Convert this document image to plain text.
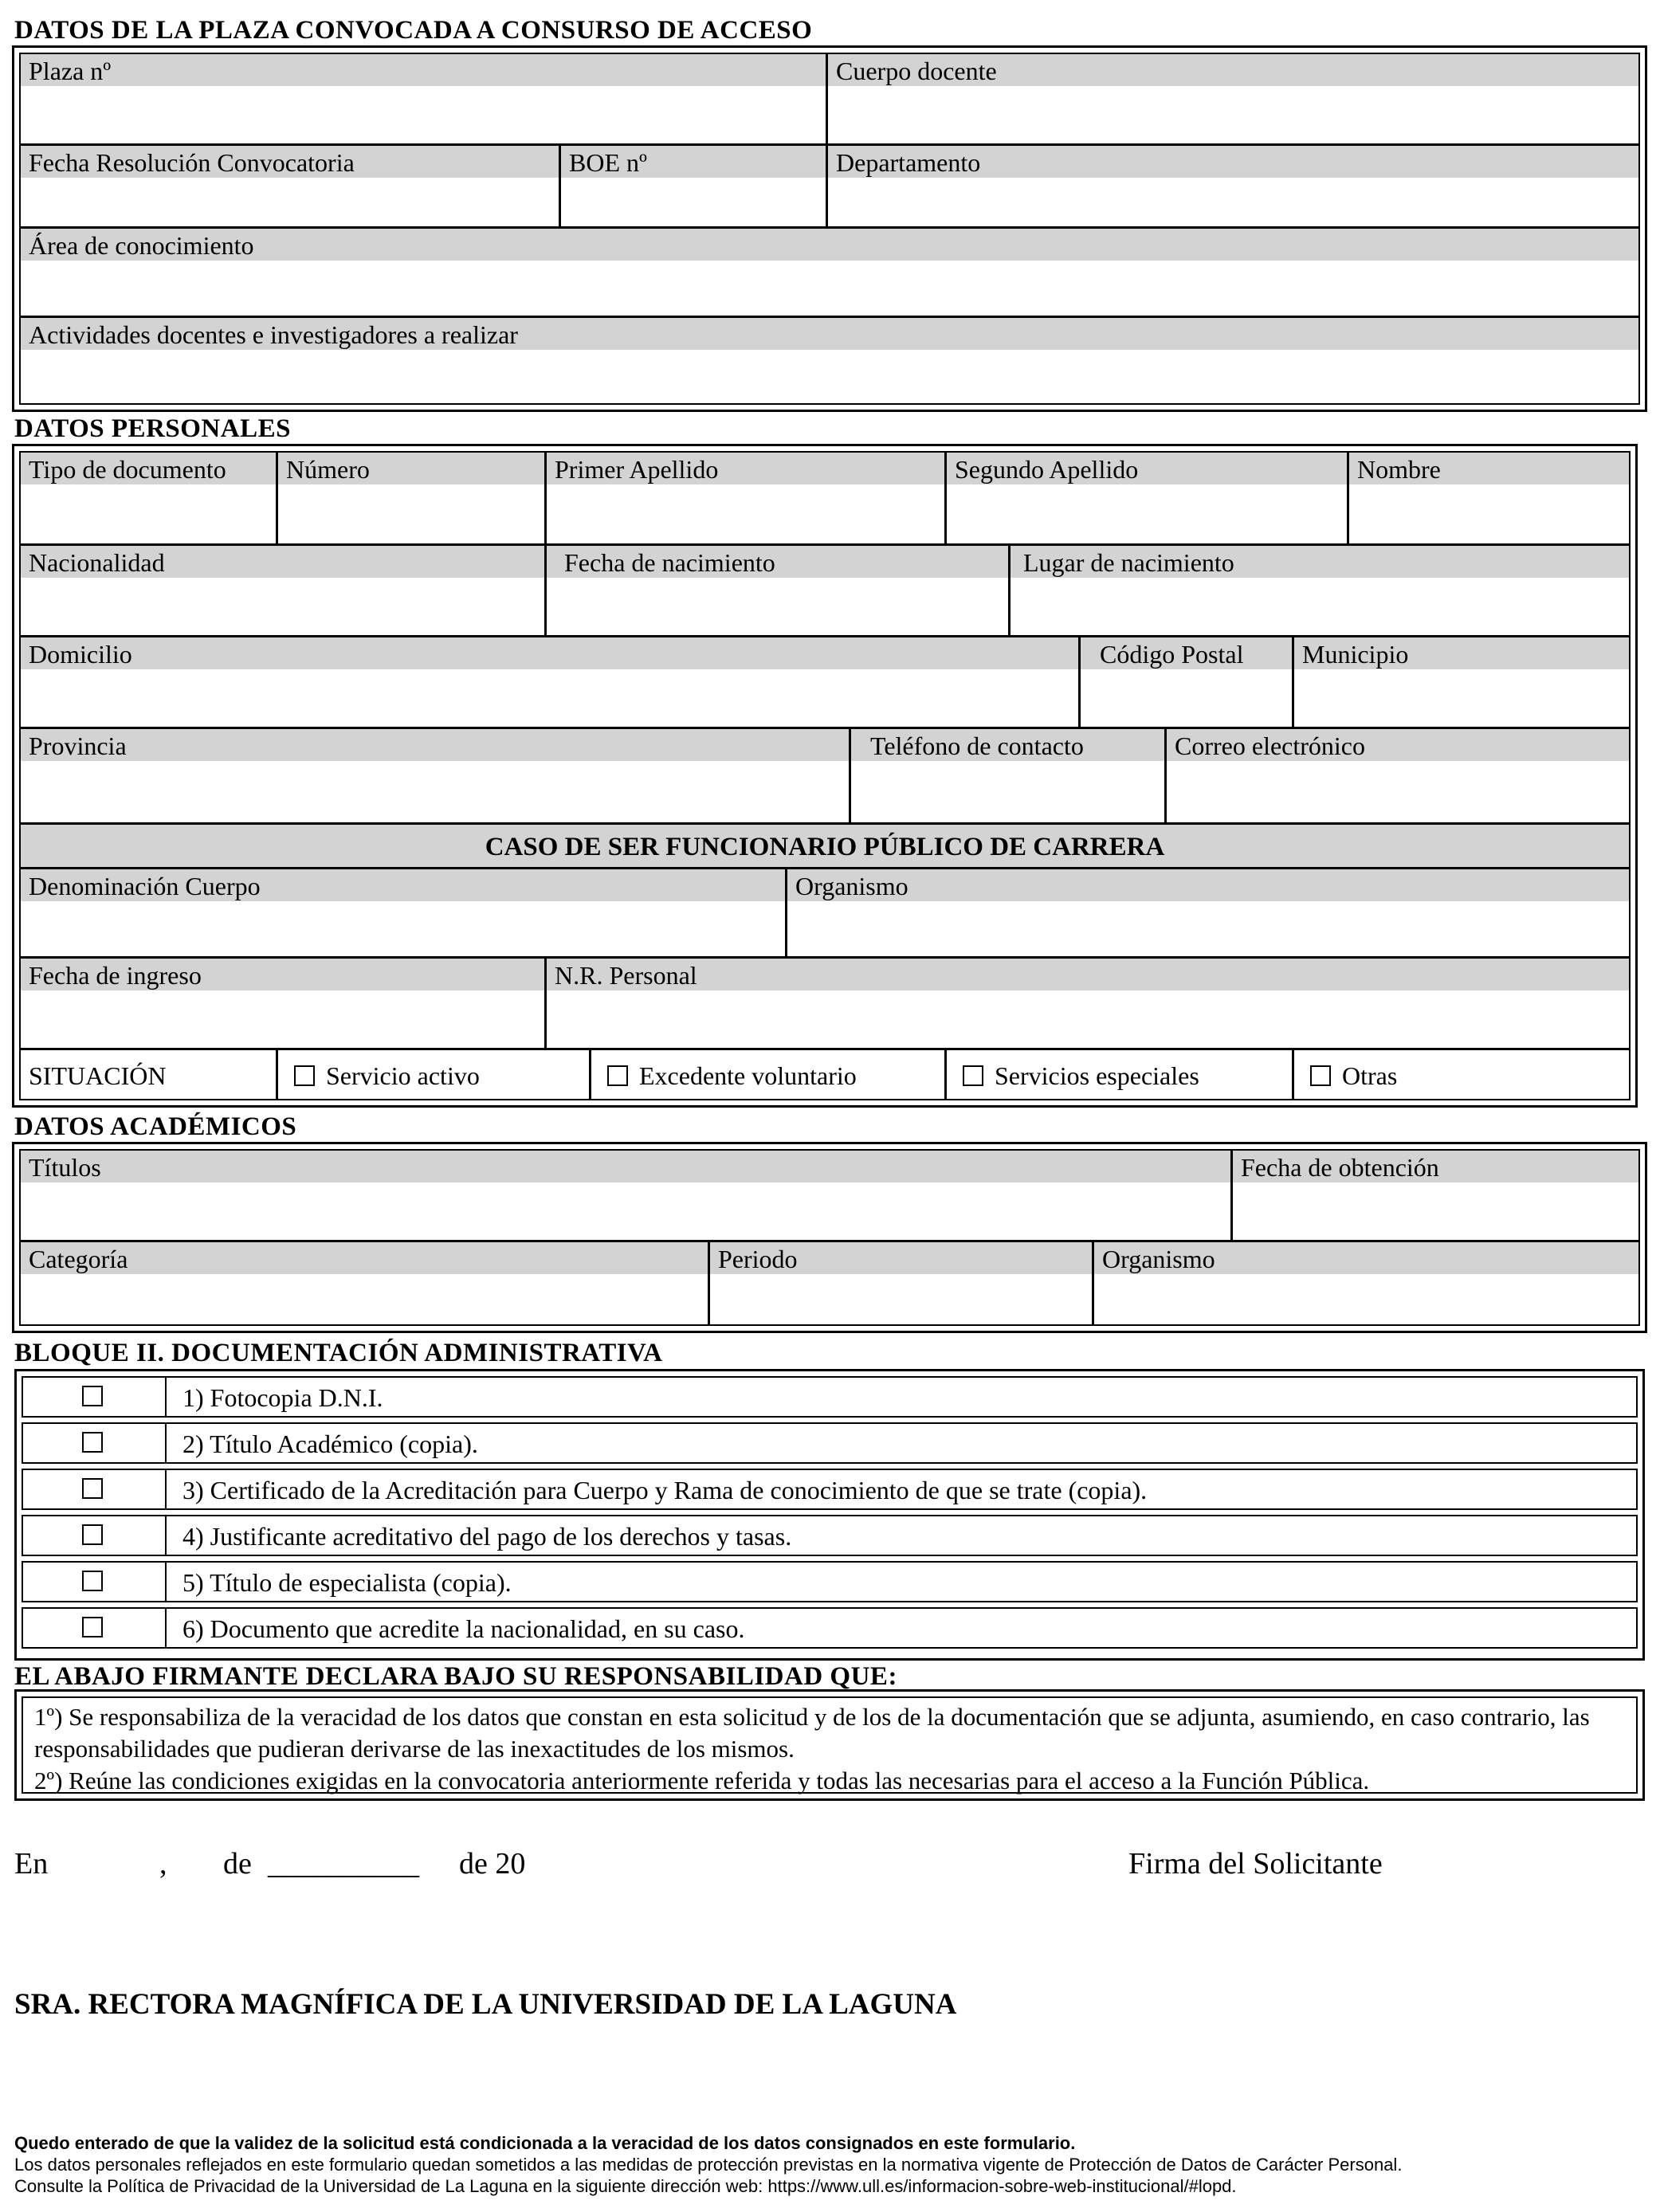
DATOS DE LA PLAZA CONVOCADA A CONSURSO DE ACCESO
Plaza nº	Cuerpo docente
Fecha Resolución Convocatoria	BOE nº	Departamento
Área de conocimiento
Actividades docentes e investigadores a realizar
DATOS PERSONALES
Tipo de documento	Número	Primer Apellido	Segundo Apellido	Nombre
Nacionalidad	Fecha de nacimiento	Lugar de nacimiento
Domicilio	Código Postal	Municipio
Provincia	Teléfono de contacto	Correo electrónico
CASO DE SER FUNCIONARIO PÚBLICO DE CARRERA
Denominación Cuerpo	Organismo
Fecha de ingreso	N.R. Personal
SITUACIÓN	Servicio activo	Excedente voluntario	Servicios especiales	Otras
DATOS ACADÉMICOS
Títulos	Fecha de obtención
Categoría	Periodo	Organismo
BLOQUE II. DOCUMENTACIÓN ADMINISTRATIVA
1) Fotocopia D.N.I.
2) Título Académico (copia).
3) Certificado de la Acreditación para Cuerpo y Rama de conocimiento de que se trate (copia).
4) Justificante acreditativo del pago de los derechos y tasas.
5) Título de especialista (copia).
6) Documento que acredite la nacionalidad, en su caso.
EL ABAJO FIRMANTE DECLARA BAJO SU RESPONSABILIDAD QUE:

1º) Se responsabiliza de la veracidad de los datos que constan en esta solicitud y de los de la documentación que se adjunta, asumiendo, en caso contrario, las responsabilidades que pudieran derivarse de las inexactitudes de los mismos.

2º) Reúne las condiciones exigidas en la convocatoria anteriormente referida y todas las necesarias para el acceso a la Función Pública.

En	, de __________ de 20	Firma del Solicitante
SRA. RECTORA MAGNÍFICA DE LA UNIVERSIDAD DE LA LAGUNA
Quedo enterado de que la validez de la solicitud está condicionada a la veracidad de los datos consignados en este formulario.
Los datos personales reflejados en este formulario quedan sometidos a las medidas de protección previstas en la normativa vigente de Protección de Datos de Carácter Personal.
Consulte la Política de Privacidad de la Universidad de La Laguna en la siguiente dirección web: https://www.ull.es/informacion-sobre-web-institucional/#lopd.
